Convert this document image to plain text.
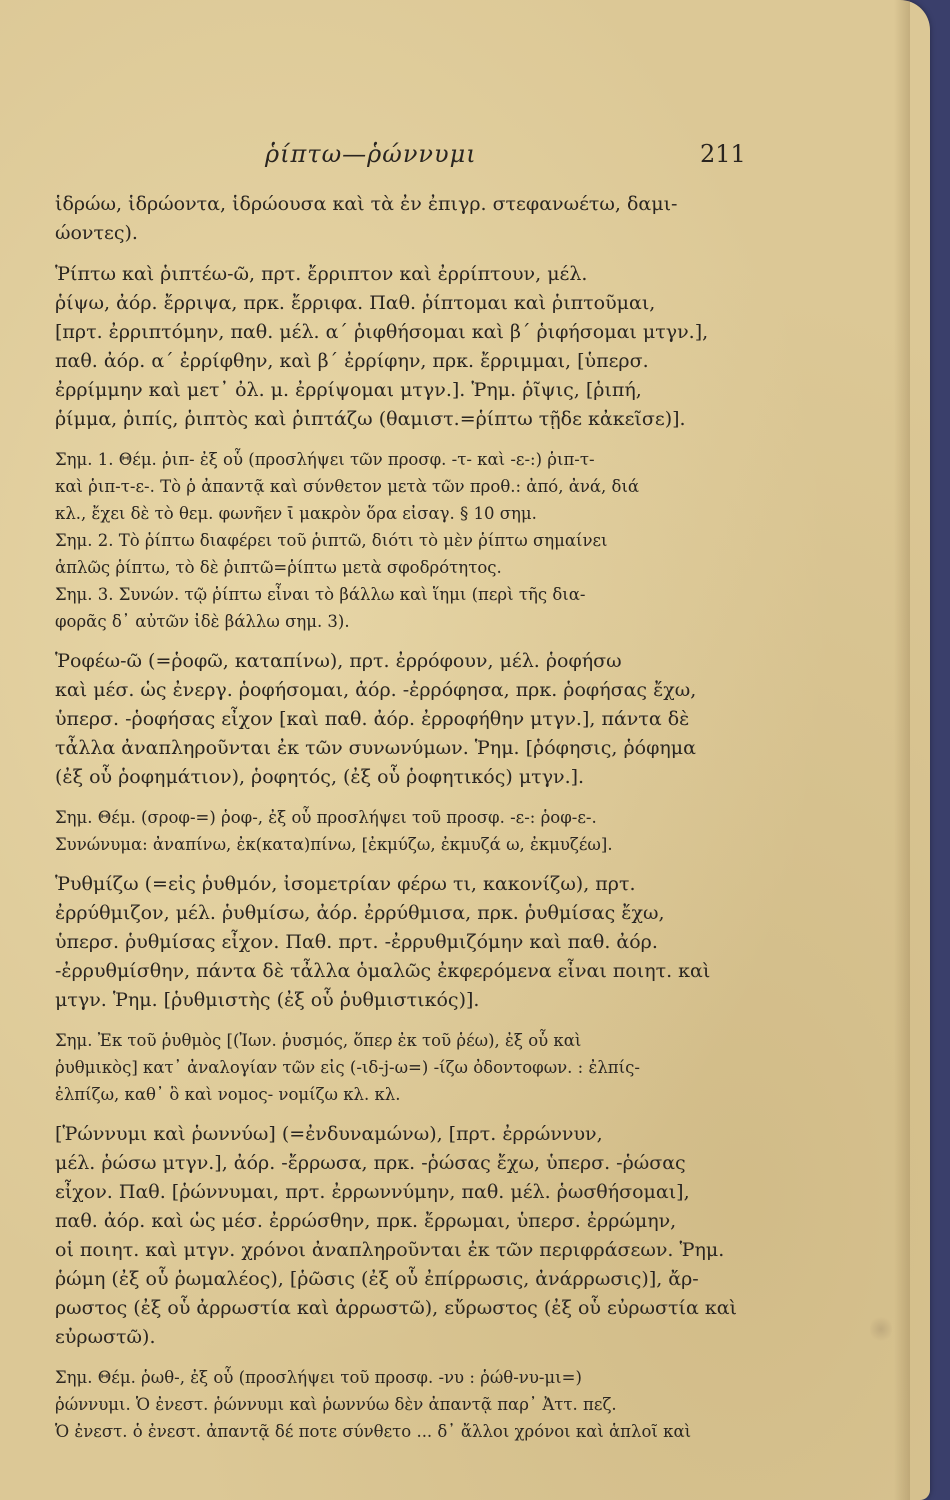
ῥίπτω—ῥώννυμι	211
ἱδρώω, ἱδρώοντα, ἱδρώουσα καὶ τὰ ἐν ἐπιγρ. στεφανωέτω, δαμι-
ώοντες).
Ῥίπτω καὶ ῥιπτέω-ῶ, πρτ. ἔρριπτον καὶ ἐρρίπτουν, μέλ.
ῥίψω, ἀόρ. ἔρριψα, πρκ. ἔρριφα. Παθ. ῥίπτομαι καὶ ῥιπτοῦμαι,
[πρτ. ἐρριπτόμην, παθ. μέλ. α΄ ῥιφθήσομαι καὶ β΄ ῥιφήσομαι μτγν.],
παθ. ἀόρ. α΄ ἐρρίφθην, καὶ β΄ ἐρρίφην, πρκ. ἔρριμμαι, [ὑπερσ.
ἐρρίμμην καὶ μετ᾽ ὀλ. μ. ἐρρίψομαι μτγν.]. Ῥημ. ῥῖψις, [ῥιπή,
ῥίμμα, ῥιπίς, ῥιπτὸς καὶ ῥιπτάζω (θαμιστ.=ῥίπτω τῇδε κἀκεῖσε)].
Σημ. 1. Θέμ. ῥιπ- ἐξ οὗ (προσλήψει τῶν προσφ. -τ- καὶ -ε-:) ῥιπ-τ-
καὶ ῥιπ-τ-ε-. Τὸ ῥ ἀπαντᾷ καὶ σύνθετον μετὰ τῶν προθ.: ἀπό, ἀνά, διά
κλ., ἔχει δὲ τὸ θεμ. φωνῆεν ῑ μακρὸν ὅρα εἰσαγ. § 10 σημ.
Σημ. 2. Τὸ ῥίπτω διαφέρει τοῦ ῥιπτῶ, διότι τὸ μὲν ῥίπτω σημαίνει
ἁπλῶς ῥίπτω, τὸ δὲ ῥιπτῶ=ῥίπτω μετὰ σφοδρότητος.
Σημ. 3. Συνών. τῷ ῥίπτω εἶναι τὸ βάλλω καὶ ἵημι (περὶ τῆς δια-
φορᾶς δ᾽ αὐτῶν ἰδὲ βάλλω σημ. 3).
Ῥοφέω-ῶ (=ῥοφῶ, καταπίνω), πρτ. ἐρρόφουν, μέλ. ῥοφήσω
καὶ μέσ. ὡς ἐνεργ. ῥοφήσομαι, ἀόρ. -ἐρρόφησα, πρκ. ῥοφήσας ἔχω,
ὑπερσ. -ῥοφήσας εἶχον [καὶ παθ. ἀόρ. ἐρροφήθην μτγν.], πάντα δὲ
τἆλλα ἀναπληροῦνται ἐκ τῶν συνωνύμων. Ῥημ. [ῥόφησις, ῥόφημα
(ἐξ οὗ ῥοφημάτιον), ῥοφητός, (ἐξ οὗ ῥοφητικός) μτγν.].
Σημ. Θέμ. (σροφ-=) ῥοφ-, ἐξ οὗ προσλήψει τοῦ προσφ. -ε-: ῥοφ-ε-.
Συνώνυμα: ἀναπίνω, ἐκ(κατα)πίνω, [ἐκμύζω, ἐκμυζά ω, ἐκμυζέω].
Ῥυθμίζω (=εἰς ῥυθμόν, ἰσομετρίαν φέρω τι, κακονίζω), πρτ.
ἐρρύθμιζον, μέλ. ῥυθμίσω, ἀόρ. ἐρρύθμισα, πρκ. ῥυθμίσας ἔχω,
ὑπερσ. ῥυθμίσας εἶχον. Παθ. πρτ. -ἐρρυθμιζόμην καὶ παθ. ἀόρ.
-ἐρρυθμίσθην, πάντα δὲ τἆλλα ὁμαλῶς ἐκφερόμενα εἶναι ποιητ. καὶ
μτγν. Ῥημ. [ῥυθμιστὴς (ἐξ οὗ ῥυθμιστικός)].
Σημ. Ἐκ τοῦ ῥυθμὸς [(Ἰων. ῥυσμός, ὅπερ ἐκ τοῦ ῥέω), ἐξ οὗ καὶ
ῥυθμικὸς] κατ᾽ ἀναλογίαν τῶν εἰς (-ιδ-j-ω=) -ίζω ὀδοντοφων. : ἐλπίς-
ἐλπίζω, καθ᾽ ὃ καὶ νομος- νομίζω κλ. κλ.
[Ῥώννυμι καὶ ῥωννύω] (=ἐνδυναμώνω), [πρτ. ἐρρώννυν,
μέλ. ῥώσω μτγν.], ἀόρ. -ἔρρωσα, πρκ. -ῥώσας ἔχω, ὑπερσ. -ῥώσας
εἶχον. Παθ. [ῥώννυμαι, πρτ. ἐρρωννύμην, παθ. μέλ. ῥωσθήσομαι],
παθ. ἀόρ. καὶ ὡς μέσ. ἐρρώσθην, πρκ. ἔρρωμαι, ὑπερσ. ἐρρώμην,
οἱ ποιητ. καὶ μτγν. χρόνοι ἀναπληροῦνται ἐκ τῶν περιφράσεων. Ῥημ.
ῥώμη (ἐξ οὗ ῥωμαλέος), [ῥῶσις (ἐξ οὗ ἐπίρρωσις, ἀνάρρωσις)], ἄρ-
ρωστος (ἐξ οὗ ἀρρωστία καὶ ἀρρωστῶ), εὔρωστος (ἐξ οὗ εὐρωστία καὶ
εὐρωστῶ).
Σημ. Θέμ. ῥωθ-, ἐξ οὗ (προσλήψει τοῦ προσφ. -νυ : ῥώθ-νυ-μι=)
ῥώννυμι. Ὁ ἐνεστ. ῥώννυμι καὶ ῥωννύω δὲν ἀπαντᾷ παρ᾽ Ἀττ. πεζ.
Ὁ ἐνεστ. ὁ ἐνεστ. ἀπαντᾷ δέ ποτε σύνθετο ... δ᾽ ἄλλοι χρόνοι καὶ ἁπλοῖ καὶ
